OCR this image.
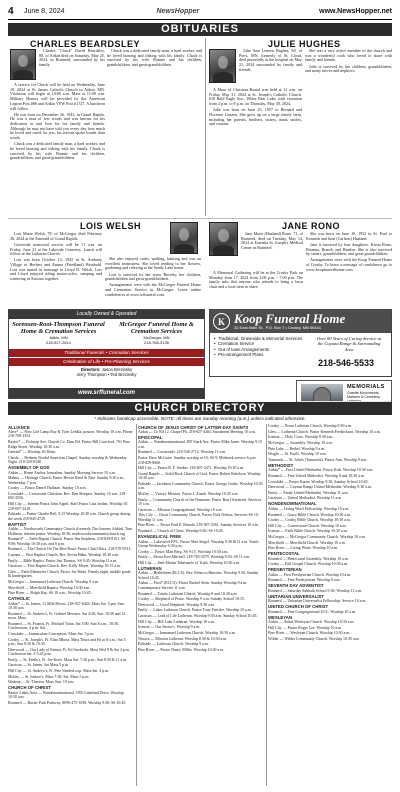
4	June 8, 2024	NewsHopper	www.NewsHopper.net
OBITUARIES
CHARLES BEARDSLEY

Charles "Chuck" David Beardsley, 80, of Aitkin died on Saturday, May 25, 2024, in Brainerd, surrounded by his family.

A service for Chuck will be held on Wednesday, June 19, 2024 at St. James Catholic Church in Aitkin, MN. Visitation will begin at 10:00 a.m. Mass at 11:00 a.m. Military Honors will be provided by the American Legion Post #86 and Aitkin VFW Post #1727. A luncheon will follow.

He was born on December 26, 1943, in Grand Rapids. He was a man of few words and was known for his dedication to and love for his family and friends. Although he may not have told you every day how much he loved and cared for you, his actions spoke louder than words.

Chuck was a dedicated family man, a hard worker, and he loved hunting and fishing with his family. Chuck is survived by his wife Bonnie and his children, grandchildren, and great-grandchildren.

Chuck was a dedicated family man, a hard worker, and he loved hunting and fishing with his family. Chuck is survived by his wife Bonnie and his children, grandchildren, and great-grandchildren.

JULIE HUGHES

Julie Ann Lenzen Hughes, 68, of Pierz, MN, formerly of St. Cloud, died peacefully at the hospital on May 21, 2024 surrounded by family and friends.

A Mass of Christian Burial was held at 11 a.m. on Friday, May 31, 2024 at St. Joseph's Catholic Church, 610 Bald Eagle Ave., White Bear Lake, with visitation from 4 p.m. to 8 p.m. on Thursday, May 30, 2024.

Julie was born on June 25, 1957 to Bernard and Florence Lenzen. She grew up on a large family farm, including her parents, brothers, sisters, aunts, uncles, and cousins.

She was a very active member of the church and was a wonderful cook who loved to share with family and friends.

Julie is survived by her children, grandchildren, and many nieces and nephews.

LOIS WELSH

Lois Marie Welsh, 78, of McGregor died February 26, 2024 at the Emerald of Grand Rapids.

Graveside memorial service will be 11 a.m. on Friday, June 21 at the Lakeside Cemetery. Lunch will follow at the Lutheran Church.

Lois was born October 13, 1945 in St. Anthony Village to Herbert and Emma (Friedland) Reinhold. Lois was united in marriage to Lloyd D. Welsh. Lois and Lloyd enjoyed riding motorcycles, camping and wintering in Arizona together.

She also enjoyed crafts, quilting, knitting and was an excellent seamstress. She loved tending to her flowers, gardening and relaxing at the Sandy Lake home.

Lois is survived by her sister Beverly, her children, grandchildren and great-grandchildren.

Arrangements were with the McGregor Funeral Home and Cremation Service in McGregor. Leave online condolences at www.srffuneral.com.

JANE RONO

Jane Marie (Haaland) Rono, 71, of Brainerd, died on Tuesday, May 14, 2024 at Essentia St. Joseph's Medical Center in Brainerd.

A Memorial Gathering will be at the Crosby Park on Monday, June 17, 2024 from 3:00 p.m. - 7:00 p.m. The family asks that anyone who attends to bring a lawn chair and a food item to share.

She was born on June 10, 1952 in St. Paul to Kenneth and June (Carlson) Haaland.

Jane is survived by four daughters: Krista Rono, Brianna, Brendi, and Heather. She is also survived by sisters, grandchildren, and great-grandchildren.

Arrangements were with the Koop Funeral Home of Crosby. To leave a message of condolence go to www.koopfuneralhome.com.

Locally Owned & Operated
Sorensen-Root-Thompson Funeral Home & Cremation Services
Aitkin, MN
218-927-2814
McGregor Funeral Home & Cremation Services
McGregor, MN
218-768-3136
Traditional Funerals • Cremation Services
Celebration of Life • Pre-Planning Services
Directors: Jason Brezinsky
Jerry Thompson • Ted Brezinsky
www.srffuneral.com
K Koop Funeral Home
32 East Main St., P.O. Box 7 • Crosby, MN 56441
• Traditional, Graveside & Memorial Services
• Cremation Service
• Out of town Arrangements
• Pre-arrangement Plans
Over 80 Years of Caring Service at the Cuyuna Range & Surrounding Area
218-546-5533
MEMORIALS
Granite Monuments, Markers & Cemetery
CHURCH DIRECTORY
* Indicates handicap accessible. NOTE: All times are Sunday morning (a.m.) unless indicated otherwise.
ALLIANCE
Alive* — New Life Lamp Ray & Tyler Lehkla, pastors. Worship 10 a.m. Phone 218-768-2354.
Baxter* — Fishtrap Ave. Church Co. Dam Rd. Pastor Bill Crawford. 701 Pine Ridge Street. Worship 10:30 a.m.
Gemini* — Worship 10:30am.
Chesle — Redeem Nordal American Chapel. Sunday worship & Wednesday Night. 218-320-0348.
ASSEMBLY OF GOD
Aitkin — Home Anchor Jerusalem. Sunday Morning Service 10 a.m.
Malmo — Heritage Church, Pastor Hewitt Reed & Nita. Sunday 9:30 a.m., Wednesday 7 p.m.
Crosby — Pastor Daniel Hallauer. Sunday 10 a.m.
Crosslake — Crossroads Christian. Rev. Dan Sleepers. Sunday 10 a.m. 218-692-3556.
Hill City — Interim Pastor John Appel. Staff Pastor Lisa Jordan. Worship 10. 218-697-2418.
Palisade — Pastor Charlie Bell. 9:15 Worship 10:30 a.m. Church group during the week 218-845-2729.
BAPTIST
Aitkin — Northwoods Community Church (formerly The Journey Aitkin). Tom Hoffman, interim pastor. Worship 10:30, northwoodscommunitychurch.org
Brainerd* — Faith Baptist Church. Pastor Jim Stephens, 218-829-8101. SS 9:00; Worship 10:30 a.m. and 6 p.m.
Brainerd — The Church On The Rise Road. Pastor Chad Ohira. 218-570-9513.
Cuyuna — First Baptist Church, Rev. Kevin Hahn. Worship 10:30 a.m.
Emily — Bible Baptist. Pastor Jim Thomas. SS 9:45; Worship 11 a.m.
Garrison — First Baptist Church. Rev. Kelly Meyer. Worship 10:15 a.m.
Glen — Faith Ministries Church, Pastor Joe Shulz. Family night, middle grade & kindergarten.
McGregor — Immanuel Lutheran Church. Worship 9 a.m.
Merrifield — Merrifield Baptist. Worship 10:30 a.m.
Pine River — Ralph Kay. SS 10 a.m.; Worship 10:45.
CATHOLIC
Aitkin* — St. James, 11 Mile Rivers. 218-927-6426. Mass Sat. 5 pm; Sun. 10:30 a.m.
Brainerd — St. Andrew's, Fr. Gabriel Meeuws. Sat 4:30; Sun. 10:30 and 12 noon. Mass.
Brainerd — St. Francis, Fr. Michael Tolan. Sat 5:00; Sun 8 a.m.; 10:30. Confessions: 4 p.m. Sat.
Crosslake — Immaculate Conception. Mass Sat. 5 p.m.
Crosby — St. Joseph's. Fr. Elias Mbota. Mass Thurs and Fri at 8 a.m.; Sat 5 p.m.; Sun 8:30 & 10:30.
Deerwood — Our Lady of Fatima, Fr. Ed Swoboda. Mass Wed 9 & Sat 4 p.m. Confession Sat. 3-3:45 p.m.
Emily — St. Emily's, Fr. Joe Kreis. Mass Sat. 7:30 p.m.; Sun 8:30 & 11 a.m.
Garrison — St. James, Sat Mass 5 p.m.
Hill City — St. Andrew's, Fr. Pete VanderLoop. Mass Sat. 4 p.m.
Motley — St. Isidore's. Mass 7:30; Sat. Mass 5 p.m.
Wadena — St. Theresa. Mass Sun. 10 a.m.
CHURCH OF CHRIST
Baxter Lakes Area — Nondenominational. 1950 Lakeland Drive. Worship 10:30 a.m.
Brainerd — Baxter Park Parkway. 8096-475-1038. Worship 9:30; SS 10:45.
CHURCH OF JESUS CHRIST OF LATTER-DAY SAINTS
Aitkin — Co Rd 12, Chapel Ph. 218-927-4404. Sacrament Meeting 10 a.m.
EPISCOPAL
Aitkin — Nondenominational. 807 Stark Ave. Pastor Mike Jones. Worship 9:15 a.m.
Brainerd — Crossroads. 218-546-2712. Worship 11 a.m.
Pastor Dave McGuire. Sunday worship at 10; SS 9; Midweek service 6 p.m. 218-829-8660.
Hill City — Pastor R. F. Straker. 218-697-2471. Worship 10:30 a.m.
Grand Rapids — Solid Rock Church of God. Pastor Robert Kittelson. Worship 10:30 a.m.
Palisade — Jacobson Community Church. Pastor George Grube. Worship 10:30 a.m.
Motley — Victory Mission. Pastor J. Zuzek. Worship 10:45 a.m.
Emily — Community Church of the Nazarene. Pastor Ron Overstreet. Services 10 a.m.
Garrison — Mission Congregational. Worship 10 a.m.
Tiny City — Christ Community Church. Pastor Nick Nelson. Services SS 10; Worship 11 a.m.
Pine River — Pastor Paul E. Rintala. 218-587-2361. Sunday Services 10 a.m.
Brainerd — Church of Christ. Worship 9:30; SS 10:45.
EVANGELICAL FREE
Aitkin — Lakewood EFC. Pastor Matt Siegel. Worship 9:30 & 11 a.m. Youth Group Wednesday 6:30 p.m.
Crosby — Pastor Matt Berg. SS 9:15; Worship 10:30 a.m.
Emily — Pastor Ken Mitchell. 218-763-3579. Worship 9:30; SS 11 a.m.
Hill City — Seth Martin Tabernacle of Truth. Worship 10:30 a.m.
LUTHERAN
Aitkin — Bethlehem (ELCA). Rev. Rebecca Hinrichs. Worship 9:30; Sunday School 10:45.
Aitkin — First* (ELCA). Pastor Rachel Stein. Sunday Worship 9 a.m. Contemporary Service 11 a.m.
Brainerd — Trinity Lutheran Church. Worship 8 and 10:30 a.m.
Crosby — Shepherd of Peace. Worship 9 a.m. Sunday School 10:15.
Deerwood — Good Shepherd. Worship 9:30 a.m.
Emily — Lakes Lutheran Church. Pastor Tony Fritsche. Worship 10 a.m.
Garrison — Lord of Life Lutheran. Worship 9:30 a.m. Sunday School 10:45.
Hill City — Hill Lake Lutheran. Worship 10 a.m.
Ironton — Our Savior's. Worship 9 a.m.
McGregor — Immanuel Lutheran Church. Worship 10:30 a.m.
Nisswa — Mission Lutheran. Worship 8:30 & 10:30 a.m.
Palisade — Lutheran Church. Worship 9 a.m.
Pine River — Pastor Nancy Miller. Worship 10:30 a.m.
Crosby — Peace Lutheran Church. Worship 9:30 a.m.
Glen — Lutheran Church. Pastor Kenneth Fredrickson. Worship 10 a.m.
Ironton — Holy Cross. Worship 8:30 a.m.
McGregor — Assembly. Worship 10 a.m.
Pine Lake — Bethel. Worship 9 a.m.
Wright — St. Paul's. Worship 10 a.m.
Tamarack — St. John's (Tamarack). Pastor Ann. Worship 9 a.m.
METHODIST
Aitkin* — First United Methodist. Pastor Kirk. Worship 10:30 a.m.
Brainerd — First United Methodist. Worship 9 and 10:30 a.m.
Crosslake — Pastor Karen. Worship 9:30; Sunday School 10:45.
Deerwood — Cuyuna Range United Methodist. Worship 9:30 a.m.
Emily — Emily United Methodist. Worship 11 a.m.
Garrison — United Methodist. Worship 11 a.m.
NONDENOMINATIONAL
Aitkin — Living Word Fellowship. Worship 10 a.m.
Brainerd — Grace Bible Church. Worship 10:30 a.m.
Crosby — Crosby Bible Church. Worship 10:30 a.m.
Hill City — Cornerstone Church. Worship 10 a.m.
Ironton — Faith Bible Church. Worship 10:30 a.m.
McGregor — McGregor Community Church. Worship 10 a.m.
Merrifield — Merrifield Church. Worship 10 a.m.
Pine River — Living Water. Worship 10 a.m.
PENTECOSTAL
Brainerd — Pentecostal Assembly. Worship 10 a.m.
Crosby — Full Gospel Church. Worship 10:30 a.m.
PRESBYTERIAN
Aitkin — First Presbyterian Church. Worship 10 a.m.
Brainerd — First Presbyterian. Worship 9 a.m.
SEVENTH DAY ADVENTIST
Brainerd — Saturday Sabbath School 9:30; Worship 11 a.m.
UNITARIAN UNIVERSALIST
Brainerd — Unitarian Universalist Fellowship. Service 10 a.m.
UNITED CHURCH OF CHRIST
Brainerd — First Congregational UCC. Worship 10 a.m.
WESLEYAN
Aitkin — Aitkin Wesleyan Church. Worship 10:30 a.m.
Hill City — Pastor Roger Lee. Worship 10 a.m.
Pine River — Wesleyan Church. Worship 10:30 a.m.
Wilder — Wilder Community Church. Worship 10:30 a.m.
